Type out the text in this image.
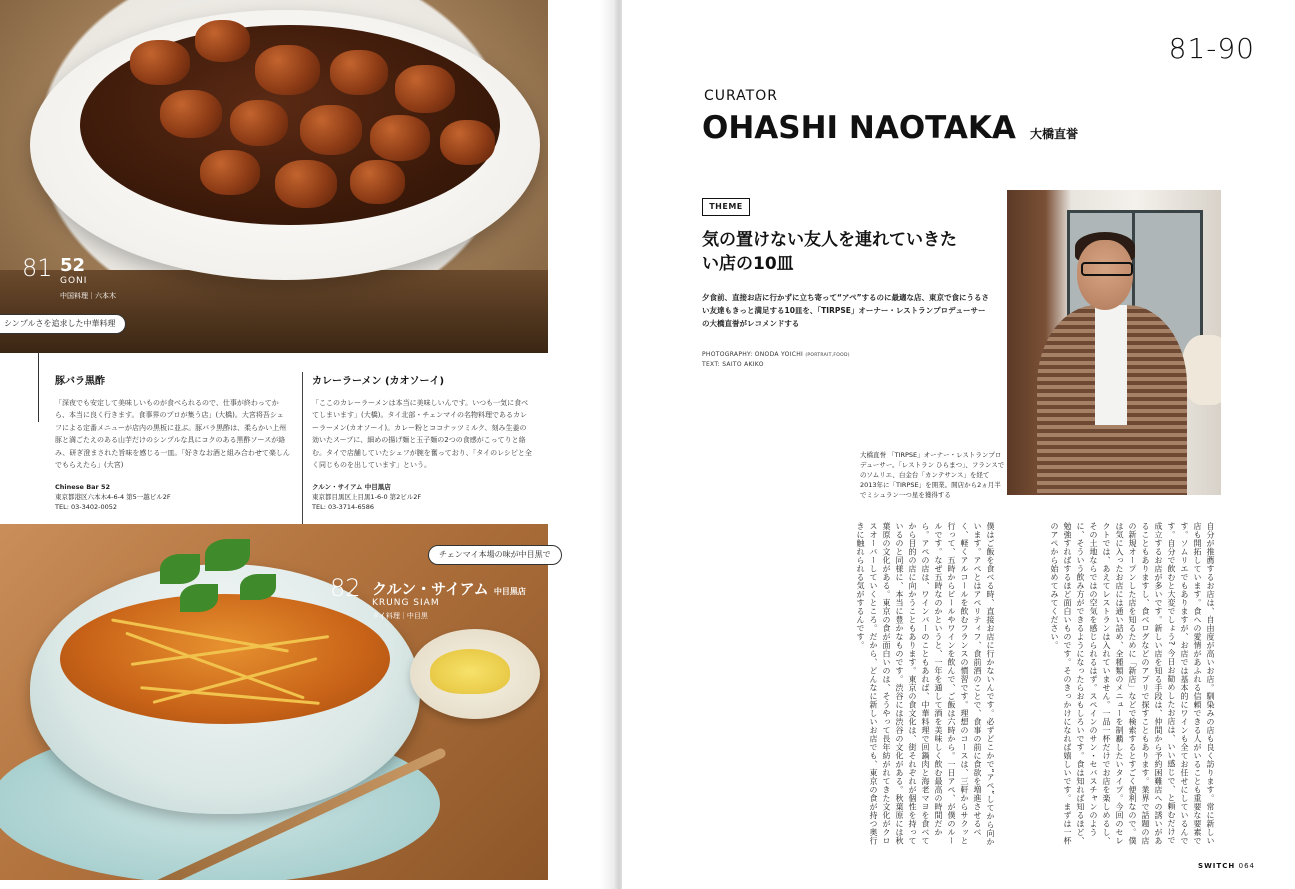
81 52
GONI
中国料理｜六本木
シンプルさを追求した中華料理
豚バラ黒酢

「深夜でも安定して美味しいものが食べられるので、仕事が終わってから、本当に良く行きます。食事界のプロが集う店」(大橋)。大宮将吾シェフによる定番メニューが店内の黒板に並ぶ。豚バラ黒酢は、柔らかい上州豚と満ごたえのある山芋だけのシンプルな具にコクのある黒酢ソースが絡み、研ぎ澄まされた旨味を感じる一皿。「好きなお酒と組み合わせて楽しんでもらえたら」(大宮)

Chinese Bar 52
東京都港区六本木4-6-4 第5一越ビル2F
TEL: 03-3402-0052
カレーラーメン (カオソーイ)

「ここのカレーラーメンは本当に美味しいんです。いつも一気に食べてしまいます」(大橋)。タイ北部・チェンマイの名物料理であるカレーラーメン(カオソーイ)。カレー粉とココナッツミルク、刻み生姜の効いたスープに、細めの揚げ麺と玉子麺の2つの食感がこってりと絡む。タイで店舗していたシェフが腕を奮っており、「タイのレシピと全く同じものを出しています」という。

クルン・サイアム 中目黒店
東京都目黒区上目黒1-6-0 第2ビル2F
TEL: 03-3714-6586
チェンマイ本場の味が中目黒で
82 クルン・サイアム 中目黒店
KRUNG SIAM
タイ料理｜中目黒
81-90
CURATOR
OHASHI NAOTAKA 大橋直誉
THEME
気の置けない友人を連れていきたい店の10皿
夕食前、直接お店に行かずに立ち寄って“アペ”するのに最適な店、東京で食にうるさい友達もきっと満足する10皿を、「TIRPSE」オーナー・レストランプロデューサーの大橋直誉がレコメンドする
PHOTOGRAPHY: ONODA YOICHI (PORTRAIT,FOOD)
TEXT: SAITO AKIKO
大橋直誉 「TIRPSE」オーナー・レストランプロデューサー。「レストラン ひらまつ」、フランスでのソムリエ、白金台「カンテサンス」を経て2013年に「TIRPSE」を開業。開店から2ヵ月半でミシュラン一つ星を獲得する
僕はご飯を食べる時、直接お店に行かないんです。必ずどこかで“アペ”してから向かいます。アペとはアペリティフ、食前酒のことで、食事の前に食欲を増進させるべく、軽くアルコールを飲むフランスの慣習です。理想のコースは、三軒からサクッと行って、五時からビールやワインを飲んで、ご飯は六時から。一日アペ、が僕のルールです。なぜ五時なのかというと、一年を通して酒を美味しく飲む最高の時間だから。アペの店は、ワインバーのこともあれば、中華料理で回鍋肉と海老マヨを食べてから目的の店に向かうこともあります。東京の食文化は、街それぞれが個性を持っているのと同様に、本当に豊かなものです。渋谷には渋谷の文化がある。秋葉原には秋葉原の文化がある。東京の食が面白いのは、そうやって長年紡がれてきた文化がクロスオーバーしていくところ。だから、どんなに新しいお店でも、東京の食が持つ奥行きに触れられる気がするんです。	自分が推薦するお店は、自由度が高いお店。馴染みの店も良く訪ります。常に新しい店も開拓しています。食への愛情があふれる信頼できる人がいることも重要な要素です。ソムリエでもありますが、お店では基本的にワインも全てお任せにしているんです。自分で飲むと大変でしょう? 今日お勧めしたお店は、いい感じで、と頼むだけで成立するお店が多いです。新しい店を知る手段は、仲間から予約困難店への誘いがあることもありますし、食べログなどのアプリで探すこともあります。業界で話題の店の新規オープンした店を知るために「新店」などで検索するとすごく便利なので。僕は気に入ったお店には通い詰め、全種類のメニューを制覇したいタイプ。今回のセレクトでは、あえてレストランは入れていません。一品一杯だけでお店を楽しめるし、その土地ならではの空気を感じられるはず。スペインのサン・セバスチャンのように、そういう飲み方ができるようになったらおもしろいです。食は知れば知るほど、勉強すればするほど面白いものです。そのきっかけになれば嬉しいです。まずは一杯のアペから始めてみてください。
SWITCH 064
